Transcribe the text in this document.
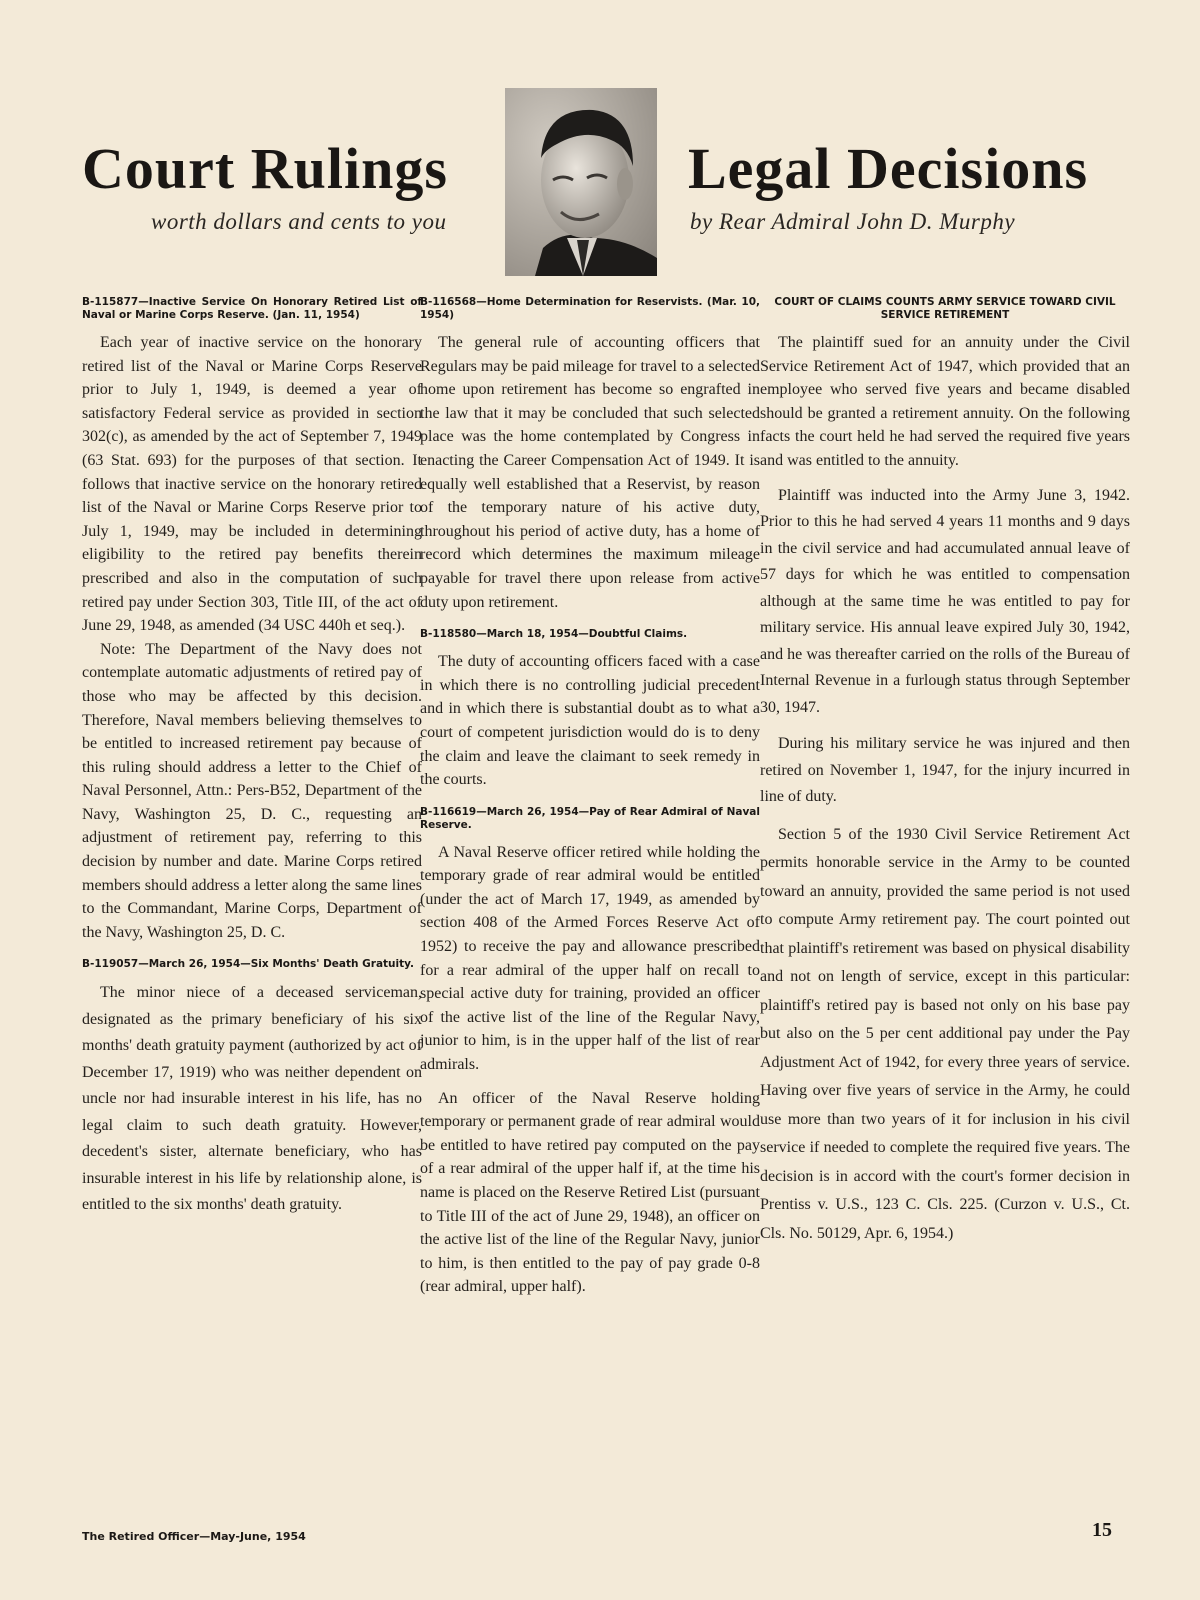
Court Rulings

worth dollars and cents to you

Legal Decisions

by Rear Admiral John D. Murphy

B-115877—Inactive Service On Honorary Retired List of Naval or Marine Corps Reserve. (Jan. 11, 1954)

Each year of inactive service on the honorary retired list of the Naval or Marine Corps Reserve prior to July 1, 1949, is deemed a year of satisfactory Federal service as provided in section 302(c), as amended by the act of September 7, 1949 (63 Stat. 693) for the purposes of that section. It follows that inactive service on the honorary retired list of the Naval or Marine Corps Reserve prior to July 1, 1949, may be included in determining eligibility to the retired pay benefits therein prescribed and also in the computation of such retired pay under Section 303, Title III, of the act of June 29, 1948, as amended (34 USC 440h et seq.).

Note: The Department of the Navy does not contemplate automatic adjustments of retired pay of those who may be affected by this decision. Therefore, Naval members believing themselves to be entitled to increased retirement pay because of this ruling should address a letter to the Chief of Naval Personnel, Attn.: Pers-B52, Department of the Navy, Washington 25, D. C., requesting an adjustment of retirement pay, referring to this decision by number and date. Marine Corps retired members should address a letter along the same lines to the Commandant, Marine Corps, Department of the Navy, Washington 25, D. C.

B-119057—March 26, 1954—Six Months' Death Gratuity.

The minor niece of a deceased serviceman, designated as the primary beneficiary of his six months' death gratuity payment (authorized by act of December 17, 1919) who was neither dependent on uncle nor had insurable interest in his life, has no legal claim to such death gratuity. However, decedent's sister, alternate beneficiary, who has insurable interest in his life by relationship alone, is entitled to the six months' death gratuity.

B-116568—Home Determination for Reservists. (Mar. 10, 1954)

The general rule of accounting officers that Regulars may be paid mileage for travel to a selected home upon retirement has become so engrafted in the law that it may be concluded that such selected place was the home contemplated by Congress in enacting the Career Compensation Act of 1949. It is equally well established that a Reservist, by reason of the temporary nature of his active duty, throughout his period of active duty, has a home of record which determines the maximum mileage payable for travel there upon release from active duty upon retirement.

B-118580—March 18, 1954—Doubtful Claims.

The duty of accounting officers faced with a case in which there is no controlling judicial precedent and in which there is substantial doubt as to what a court of competent jurisdiction would do is to deny the claim and leave the claimant to seek remedy in the courts.

B-116619—March 26, 1954—Pay of Rear Admiral of Naval Reserve.

A Naval Reserve officer retired while holding the temporary grade of rear admiral would be entitled (under the act of March 17, 1949, as amended by section 408 of the Armed Forces Reserve Act of 1952) to receive the pay and allowance prescribed for a rear admiral of the upper half on recall to special active duty for training, provided an officer of the active list of the line of the Regular Navy, junior to him, is in the upper half of the list of rear admirals.

An officer of the Naval Reserve holding temporary or permanent grade of rear admiral would be entitled to have retired pay computed on the pay of a rear admiral of the upper half if, at the time his name is placed on the Reserve Retired List (pursuant to Title III of the act of June 29, 1948), an officer on the active list of the line of the Regular Navy, junior to him, is then entitled to the pay of pay grade 0-8 (rear admiral, upper half).

COURT OF CLAIMS COUNTS ARMY SERVICE TOWARD CIVIL SERVICE RETIREMENT

The plaintiff sued for an annuity under the Civil Service Retirement Act of 1947, which provided that an employee who served five years and became disabled should be granted a retirement annuity. On the following facts the court held he had served the required five years and was entitled to the annuity.

Plaintiff was inducted into the Army June 3, 1942. Prior to this he had served 4 years 11 months and 9 days in the civil service and had accumulated annual leave of 57 days for which he was entitled to compensation although at the same time he was entitled to pay for military service. His annual leave expired July 30, 1942, and he was thereafter carried on the rolls of the Bureau of Internal Revenue in a furlough status through September 30, 1947.

During his military service he was injured and then retired on November 1, 1947, for the injury incurred in line of duty.

Section 5 of the 1930 Civil Service Retirement Act permits honorable service in the Army to be counted toward an annuity, provided the same period is not used to compute Army retirement pay. The court pointed out that plaintiff's retirement was based on physical disability and not on length of service, except in this particular: plaintiff's retired pay is based not only on his base pay but also on the 5 per cent additional pay under the Pay Adjustment Act of 1942, for every three years of service. Having over five years of service in the Army, he could use more than two years of it for inclusion in his civil service if needed to complete the required five years. The decision is in accord with the court's former decision in Prentiss v. U.S., 123 C. Cls. 225. (Curzon v. U.S., Ct. Cls. No. 50129, Apr. 6, 1954.)

The Retired Officer—May-June, 1954	15
